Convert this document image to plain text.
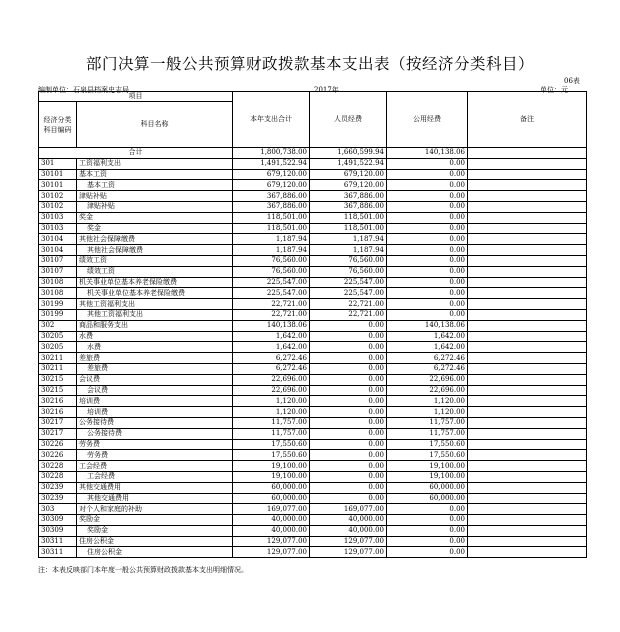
部门决算一般公共预算财政拨款基本支出表（按经济分类科目）
06表
编制单位：石泉县档案史志局	2017年	单位：元
项目		本年支出合计	人员经费	公用经费	备注
经济分类科目编码	科目名称				
合计		1,800,738.00	1,660,599.94	140,138.06	
301	工资福利支出	1,491,522.94	1,491,522.94	0.00	
30101	基本工资	679,120.00	679,120.00	0.00	
30101	基本工资	679,120.00	679,120.00	0.00	
30102	津贴补贴	367,886.00	367,886.00	0.00	
30102	津贴补贴	367,886.00	367,886.00	0.00	
30103	奖金	118,501.00	118,501.00	0.00	
30103	奖金	118,501.00	118,501.00	0.00	
30104	其他社会保障缴费	1,187.94	1,187.94	0.00	
30104	其他社会保障缴费	1,187.94	1,187.94	0.00	
30107	绩效工资	76,560.00	76,560.00	0.00	
30107	绩效工资	76,560.00	76,560.00	0.00	
30108	机关事业单位基本养老保险缴费	225,547.00	225,547.00	0.00	
30108	机关事业单位基本养老保险缴费	225,547.00	225,547.00	0.00	
30199	其他工资福利支出	22,721.00	22,721.00	0.00	
30199	其他工资福利支出	22,721.00	22,721.00	0.00	
302	商品和服务支出	140,138.06	0.00	140,138.06	
30205	水费	1,642.00	0.00	1,642.00	
30205	水费	1,642.00	0.00	1,642.00	
30211	差旅费	6,272.46	0.00	6,272.46	
30211	差旅费	6,272.46	0.00	6,272.46	
30215	会议费	22,696.00	0.00	22,696.00	
30215	会议费	22,696.00	0.00	22,696.00	
30216	培训费	1,120.00	0.00	1,120.00	
30216	培训费	1,120.00	0.00	1,120.00	
30217	公务接待费	11,757.00	0.00	11,757.00	
30217	公务接待费	11,757.00	0.00	11,757.00	
30226	劳务费	17,550.60	0.00	17,550.60	
30226	劳务费	17,550.60	0.00	17,550.60	
30228	工会经费	19,100.00	0.00	19,100.00	
30228	工会经费	19,100.00	0.00	19,100.00	
30239	其他交通费用	60,000.00	0.00	60,000.00	
30239	其他交通费用	60,000.00	0.00	60,000.00	
303	对个人和家庭的补助	169,077.00	169,077.00	0.00	
30309	奖励金	40,000.00	40,000.00	0.00	
30309	奖励金	40,000.00	40,000.00	0.00	
30311	住房公积金	129,077.00	129,077.00	0.00	
30311	住房公积金	129,077.00	129,077.00	0.00	
注：本表反映部门本年度一般公共预算财政拨款基本支出明细情况。
